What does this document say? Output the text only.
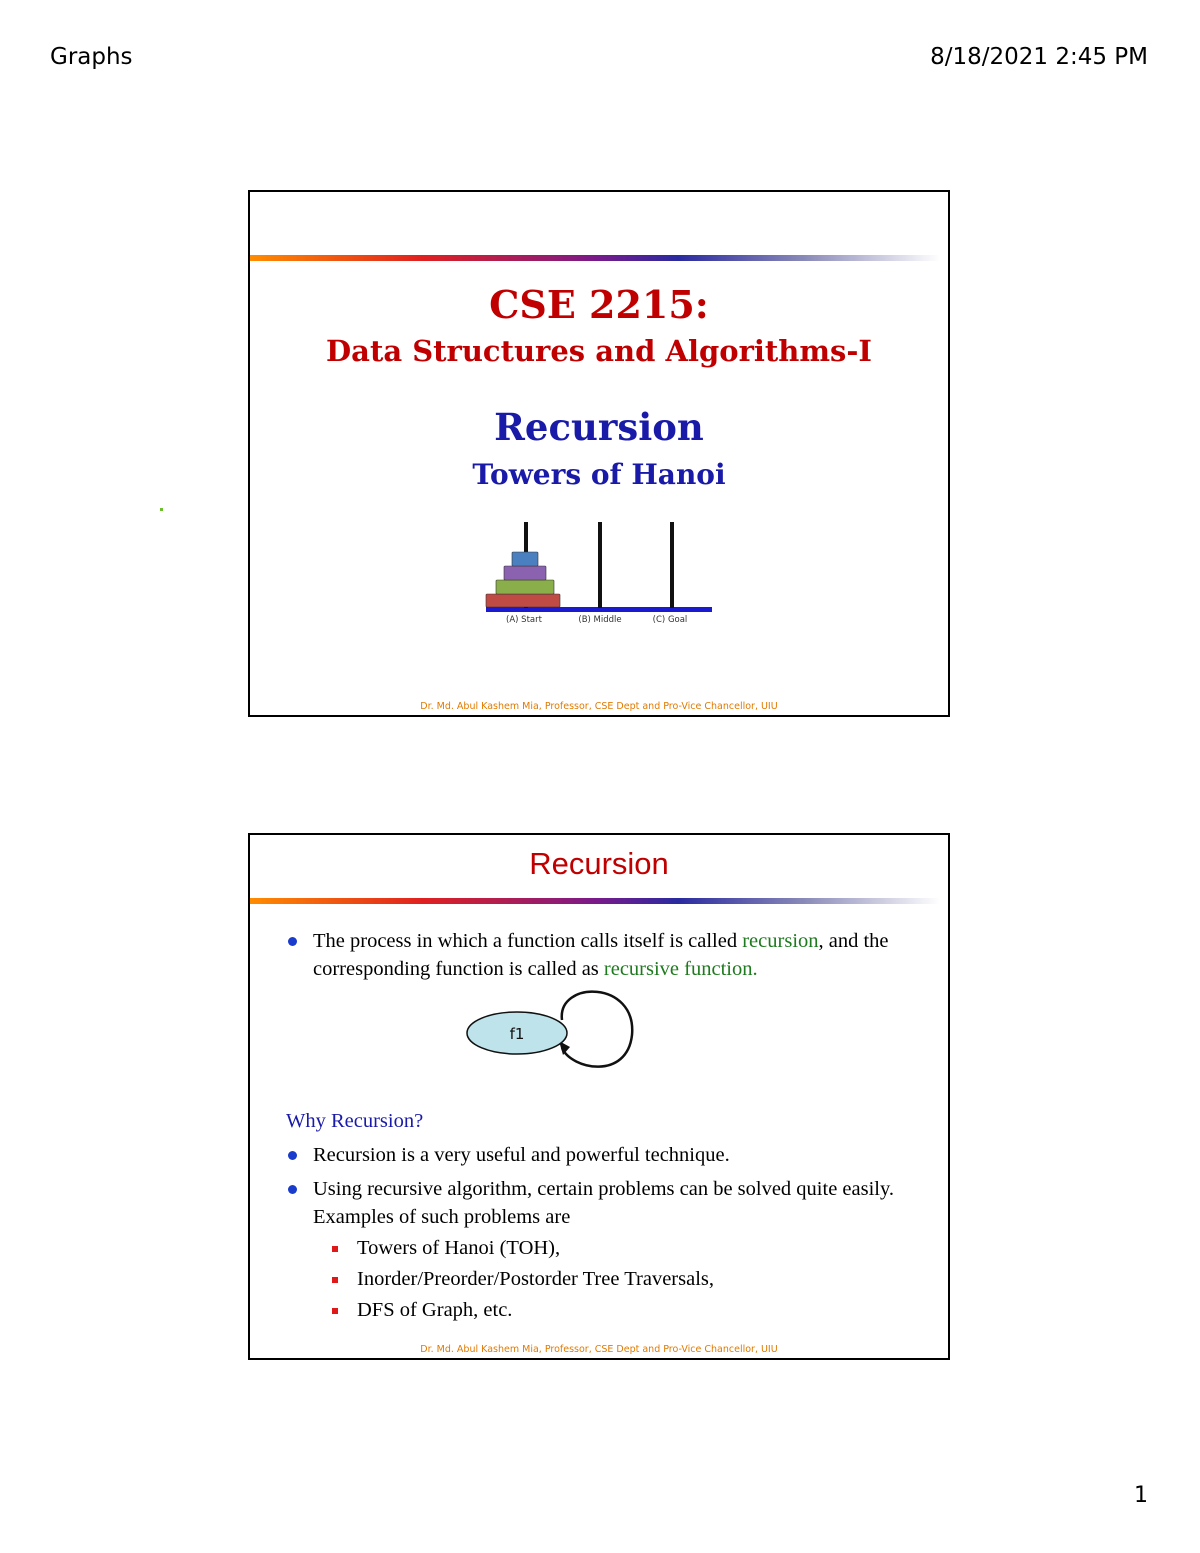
Graphs	8/18/2021 2:45 PM
CSE 2215:
Data Structures and Algorithms-I
Recursion
Towers of Hanoi
(A) Start	(B) Middle	(C) Goal
Dr. Md. Abul Kashem Mia, Professor, CSE Dept and Pro-Vice Chancellor, UIU
Recursion
The process in which a function calls itself is called recursion, and the corresponding function is called as recursive function.
Why Recursion?
Recursion is a very useful and powerful technique.
Using recursive algorithm, certain problems can be solved quite easily. Examples of such problems are
Towers of Hanoi (TOH),
Inorder/Preorder/Postorder Tree Traversals,
DFS of Graph, etc.
f1
Dr. Md. Abul Kashem Mia, Professor, CSE Dept and Pro-Vice Chancellor, UIU
1
